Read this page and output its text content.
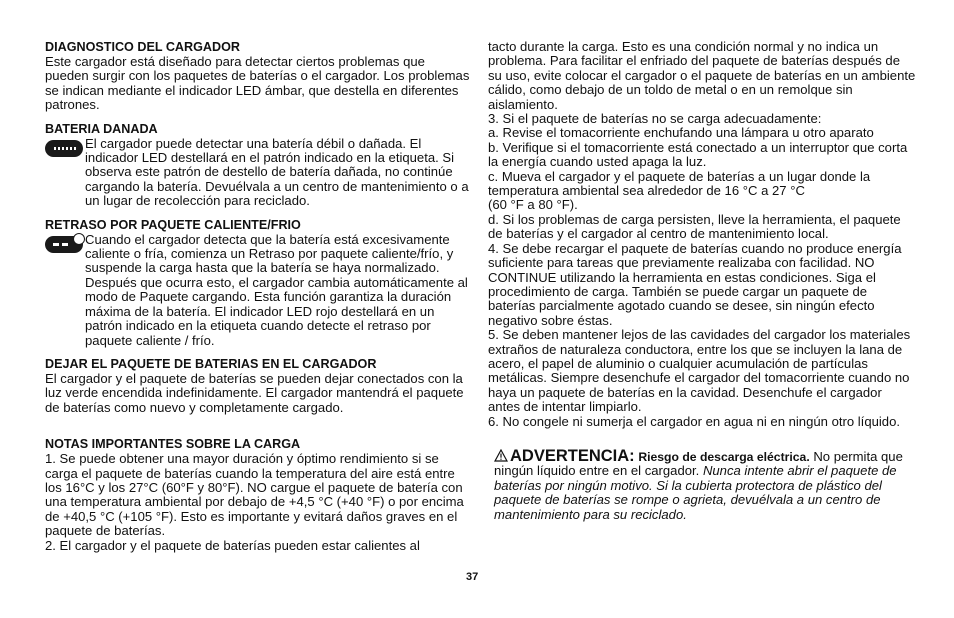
DIAGNOSTICO DEL CARGADOR

Este cargador está diseñado para detectar ciertos problemas que pueden surgir con los paquetes de baterías o el cargador. Los problemas se indican mediante el indicador LED ámbar, que destella en diferentes patrones.

BATERIA DANADA

El cargador puede detectar una batería débil o dañada. El indicador LED destellará en el patrón indicado en la etiqueta. Si observa este patrón de destello de batería dañada, no continúe cargando la batería. Devuélvala a un centro de mantenimiento o a un lugar de recolección para reciclado.

RETRASO POR PAQUETE CALIENTE/FRIO

Cuando el cargador detecta que la batería está excesivamente caliente o fría, comienza un Retraso por paquete caliente/frío, y suspende la carga hasta que la batería se haya normalizado. Después que ocurra esto, el cargador cambia automáticamente al modo de Paquete cargando. Esta función garantiza la duración máxima de la batería. El indicador LED rojo destellará en un patrón indicado en la etiqueta cuando detecte el retraso por paquete caliente / frío.

DEJAR EL PAQUETE DE BATERIAS EN EL CARGADOR

El cargador y el paquete de baterías se pueden dejar conectados con la luz verde encendida indefinidamente. El cargador mantendrá el paquete de baterías como nuevo y completamente cargado.

NOTAS IMPORTANTES SOBRE LA CARGA

1. Se puede obtener una mayor duración y óptimo rendimiento si se carga el paquete de baterías cuando la temperatura del aire está entre los 16°C y los 27°C (60°F y 80°F). NO cargue el paquete de batería con una temperatura ambiental por debajo de +4,5 °C (+40 °F) o por encima de +40,5 °C (+105 °F). Esto es importante y evitará daños graves en el paquete de baterías.

2. El cargador y el paquete de baterías pueden estar calientes al

tacto durante la carga. Esto es una condición normal y no indica un problema. Para facilitar el enfriado del paquete de baterías después de su uso, evite colocar el cargador o el paquete de baterías en un ambiente cálido, como debajo de un toldo de metal o en un remolque sin aislamiento.

3. Si el paquete de baterías no se carga adecuadamente:

a. Revise el tomacorriente enchufando una lámpara u otro aparato

b. Verifique si el tomacorriente está conectado a un interruptor que corta la energía cuando usted apaga la luz.

c. Mueva el cargador y el paquete de baterías a un lugar donde la temperatura ambiental sea alrededor de 16 °C a 27 °C

(60 °F a 80 °F).

d. Si los problemas de carga persisten, lleve la herramienta, el paquete de baterías y el cargador al centro de mantenimiento local.

4. Se debe recargar el paquete de baterías cuando no produce energía suficiente para tareas que previamente realizaba con facilidad. NO CONTINUE utilizando la herramienta en estas condiciones. Siga el procedimiento de carga. También se puede cargar un paquete de baterías parcialmente agotado cuando se desee, sin ningún efecto negativo sobre éstas.

5. Se deben mantener lejos de las cavidades del cargador los materiales extraños de naturaleza conductora, entre los que se incluyen la lana de acero, el papel de aluminio o cualquier acumulación de partículas metálicas. Siempre desenchufe el cargador del tomacorriente cuando no haya un paquete de baterías en la cavidad. Desenchufe el cargador antes de intentar limpiarlo.

6. No congele ni sumerja el cargador en agua ni en ningún otro líquido.

ADVERTENCIA: Riesgo de descarga eléctrica. No permita que ningún líquido entre en el cargador. Nunca intente abrir el paquete de baterías por ningún motivo. Si la cubierta protectora de plástico del paquete de baterías se rompe o agrieta, devuélvala a un centro de mantenimiento para su reciclado.

37
